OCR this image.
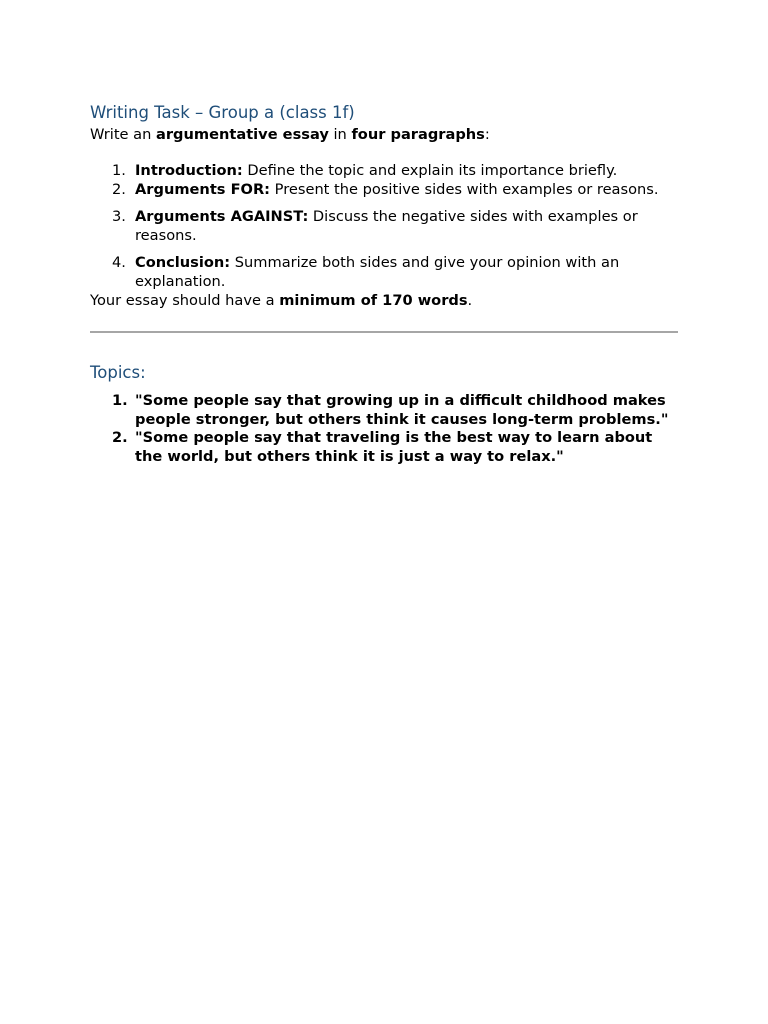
Writing Task – Group a (class 1f)

Write an argumentative essay in four paragraphs:

1. Introduction: Define the topic and explain its importance briefly.
2. Arguments FOR: Present the positive sides with examples or reasons.
3. Arguments AGAINST: Discuss the negative sides with examples or reasons.
4. Conclusion: Summarize both sides and give your opinion with an explanation.

Your essay should have a minimum of 170 words.

Topics:
1. "Some people say that growing up in a difficult childhood makes people stronger, but others think it causes long-term problems."
2. "Some people say that traveling is the best way to learn about the world, but others think it is just a way to relax."
